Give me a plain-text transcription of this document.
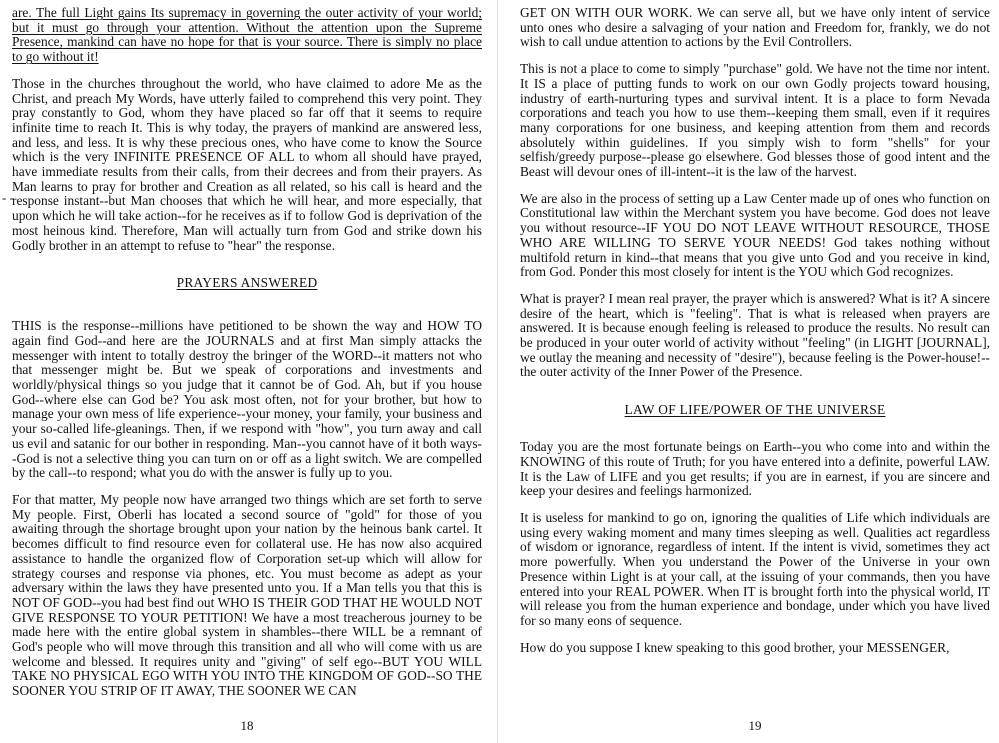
are. The full Light gains Its supremacy in governing the outer activity of your world; but it must go through your attention. Without the attention upon the Supreme Presence, mankind can have no hope for that is your source. There is simply no place to go without it!

Those in the churches throughout the world, who have claimed to adore Me as the Christ, and preach My Words, have utterly failed to comprehend this very point. They pray constantly to God, whom they have placed so far off that it seems to require infinite time to reach It. This is why today, the prayers of mankind are answered less, and less, and less. It is why these precious ones, who have come to know the Source which is the very INFINITE PRESENCE OF ALL to whom all should have prayed, have immediate results from their calls, from their decrees and from their prayers. As Man learns to pray for brother and Creation as all related, so his call is heard and the response instant--but Man chooses that which he will hear, and more especially, that upon which he will take action--for he receives as if to follow God is deprivation of the most heinous kind. Therefore, Man will actually turn from God and strike down his Godly brother in an attempt to refuse to "hear" the response.

- -
PRAYERS ANSWERED

THIS is the response--millions have petitioned to be shown the way and HOW TO again find God--and here are the JOURNALS and at first Man simply attacks the messenger with intent to totally destroy the bringer of the WORD--it matters not who that messenger might be. But we speak of corporations and investments and worldly/physical things so you judge that it cannot be of God. Ah, but if you house God--where else can God be? You ask most often, not for your brother, but how to manage your own mess of life experience--your money, your family, your business and your so-called life-gleanings. Then, if we respond with "how", you turn away and call us evil and satanic for our bother in responding. Man--you cannot have of it both ways--God is not a selective thing you can turn on or off as a light switch. We are compelled by the call--to respond; what you do with the answer is fully up to you.

For that matter, My people now have arranged two things which are set forth to serve My people. First, Oberli has located a second source of "gold" for those of you awaiting through the shortage brought upon your nation by the heinous bank cartel. It becomes difficult to find resource even for collateral use. He has now also acquired assistance to handle the organized flow of Corporation set-up which will allow for strategy courses and response via phones, etc. You must become as adept as your adversary within the laws they have presented unto you. If a Man tells you that this is NOT OF GOD--you had best find out WHO IS THEIR GOD THAT HE WOULD NOT GIVE RESPONSE TO YOUR PETITION! We have a most treacherous journey to be made here with the entire global system in shambles--there WILL be a remnant of God's people who will move through this transition and all who will come with us are welcome and blessed. It requires unity and "giving" of self ego--BUT YOU WILL TAKE NO PHYSICAL EGO WITH YOU INTO THE KINGDOM OF GOD--SO THE SOONER YOU STRIP OF IT AWAY, THE SOONER WE CAN

18

GET ON WITH OUR WORK. We can serve all, but we have only intent of service unto ones who desire a salvaging of your nation and Freedom for, frankly, we do not wish to call undue attention to actions by the Evil Controllers.

This is not a place to come to simply "purchase" gold. We have not the time nor intent. It IS a place of putting funds to work on our own Godly projects toward housing, industry of earth-nurturing types and survival intent. It is a place to form Nevada corporations and teach you how to use them--keeping them small, even if it requires many corporations for one business, and keeping attention from them and records absolutely within guidelines. If you simply wish to form "shells" for your selfish/greedy purpose--please go elsewhere. God blesses those of good intent and the Beast will devour ones of ill-intent--it is the law of the harvest.

We are also in the process of setting up a Law Center made up of ones who function on Constitutional law within the Merchant system you have become. God does not leave you without resource--IF YOU DO NOT LEAVE WITHOUT RESOURCE, THOSE WHO ARE WILLING TO SERVE YOUR NEEDS! God takes nothing without multifold return in kind--that means that you give unto God and you receive in kind, from God. Ponder this most closely for intent is the YOU which God recognizes.

What is prayer? I mean real prayer, the prayer which is answered? What is it? A sincere desire of the heart, which is "feeling". That is what is released when prayers are answered. It is because enough feeling is released to produce the results. No result can be produced in your outer world of activity without "feeling" (in LIGHT [JOURNAL], we outlay the meaning and necessity of "desire"), because feeling is the Power-house!--the outer activity of the Inner Power of the Presence.

LAW OF LIFE/POWER OF THE UNIVERSE

Today you are the most fortunate beings on Earth--you who come into and within the KNOWING of this route of Truth; for you have entered into a definite, powerful LAW. It is the Law of LIFE and you get results; if you are in earnest, if you are sincere and keep your desires and feelings harmonized.

It is useless for mankind to go on, ignoring the qualities of Life which individuals are using every waking moment and many times sleeping as well. Qualities act regardless of wisdom or ignorance, regardless of intent. If the intent is vivid, sometimes they act more powerfully. When you understand the Power of the Universe in your own Presence within Light is at your call, at the issuing of your commands, then you have entered into your REAL POWER. When IT is brought forth into the physical world, IT will release you from the human experience and bondage, under which you have lived for so many eons of sequence.

How do you suppose I knew speaking to this good brother, your MESSENGER,

19
